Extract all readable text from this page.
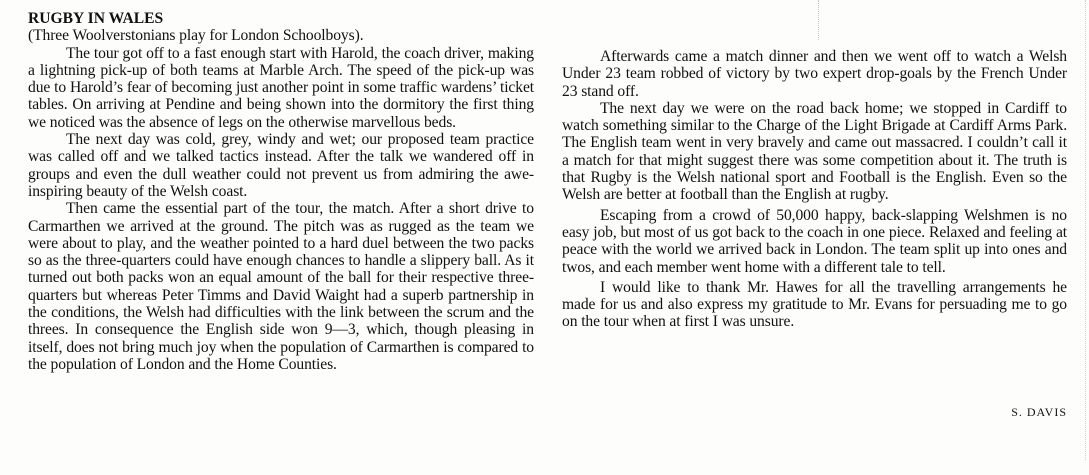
RUGBY IN WALES

(Three Woolverstonians play for London Schoolboys).

The tour got off to a fast enough start with Harold, the coach driver, making a lightning pick-up of both teams at Marble Arch. The speed of the pick-up was due to Harold’s fear of becoming just another point in some traffic wardens’ ticket tables. On arriving at Pendine and being shown into the dormitory the first thing we noticed was the absence of legs on the otherwise marvellous beds.

The next day was cold, grey, windy and wet; our proposed team practice was called off and we talked tactics instead. After the talk we wandered off in groups and even the dull weather could not prevent us from admiring the awe-inspiring beauty of the Welsh coast.

Then came the essential part of the tour, the match. After a short drive to Carmarthen we arrived at the ground. The pitch was as rugged as the team we were about to play, and the weather pointed to a hard duel between the two packs so as the three-quarters could have enough chances to handle a slippery ball. As it turned out both packs won an equal amount of the ball for their respective three-quarters but whereas Peter Timms and David Waight had a superb partnership in the conditions, the Welsh had difficulties with the link between the scrum and the threes. In consequence the English side won 9—3, which, though pleasing in itself, does not bring much joy when the population of Carmarthen is compared to the population of London and the Home Counties.

Afterwards came a match dinner and then we went off to watch a Welsh Under 23 team robbed of victory by two expert drop-goals by the French Under 23 stand off.

The next day we were on the road back home; we stopped in Cardiff to watch something similar to the Charge of the Light Brigade at Cardiff Arms Park. The English team went in very bravely and came out massacred. I couldn’t call it a match for that might suggest there was some competition about it. The truth is that Rugby is the Welsh national sport and Football is the English. Even so the Welsh are better at football than the English at rugby.

Escaping from a crowd of 50,000 happy, back-slapping Welshmen is no easy job, but most of us got back to the coach in one piece. Relaxed and feeling at peace with the world we arrived back in London. The team split up into ones and twos, and each member went home with a different tale to tell.

I would like to thank Mr. Hawes for all the travelling arrangements he made for us and also express my gratitude to Mr. Evans for persuading me to go on the tour when at first I was unsure.

S. DAVIS
